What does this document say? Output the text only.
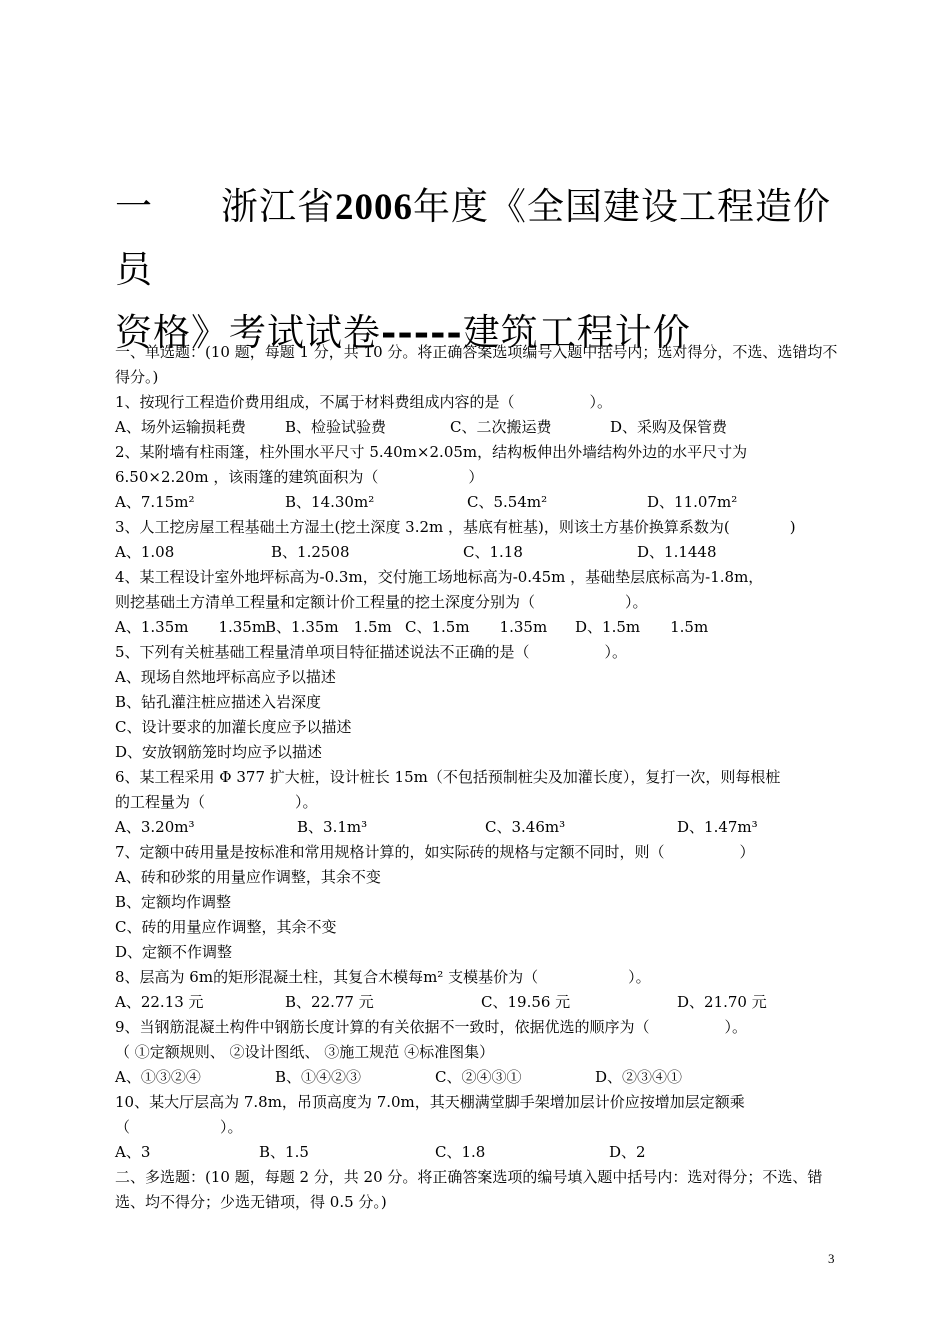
一 浙江省2006年度《全国建设工程造价员
资格》考试试卷-----建筑工程计价
一、单选题：(10 题，每题 1 分，共 10 分。将正确答案选项编号入题中括号内；选对得分，不选、选错均不得分。)
1、按现行工程造价费用组成，不属于材料费组成内容的是（　　　　　）。
A、场外运输损耗费	B、检验试验费	C、二次搬运费	D、采购及保管费
2、某附墙有柱雨篷，柱外围水平尺寸 5.40m×2.05m，结构板伸出外墙结构外边的水平尺寸为
6.50×2.20m ，该雨篷的建筑面积为（　　　　　　）
A、7.15m²	B、14.30m²	C、5.54m²	D、11.07m²
3、人工挖房屋工程基础土方湿土(挖土深度 3.2m ，基底有桩基)，则该土方基价换算系数为(　　　　)
A、1.08	B、1.2508	C、1.18	D、1.1448
4、某工程设计室外地坪标高为-0.3m，交付施工场地标高为-0.45m ，基础垫层底标高为-1.8m，
则挖基础土方清单工程量和定额计价工程量的挖土深度分别为（　　　　　　）。
A、1.35m　　1.35m
B、1.35m　1.5m C、1.5m　　1.35m	D、1.5m　　1.5m
5、下列有关桩基础工程量清单项目特征描述说法不正确的是（　　　　　）。
A、现场自然地坪标高应予以描述
B、钻孔灌注桩应描述入岩深度
C、设计要求的加灌长度应予以描述
D、安放钢筋笼时均应予以描述
6、某工程采用 Φ 377 扩大桩，设计桩长 15m（不包括预制桩尖及加灌长度），复打一次，则每根桩
的工程量为（　　　　　　）。
A、3.20m³	B、3.1m³	C、3.46m³	D、1.47m³
7、定额中砖用量是按标准和常用规格计算的，如实际砖的规格与定额不同时，则（　　　　　）
A、砖和砂浆的用量应作调整，其余不变
B、定额均作调整
C、砖的用量应作调整，其余不变
D、定额不作调整
8、层高为 6m的矩形混凝土柱，其复合木模每m² 支模基价为（　　　　　　）。
A、22.13 元	B、22.77 元	C、19.56 元	D、21.70 元
9、当钢筋混凝土构件中钢筋长度计算的有关依据不一致时，依据优选的顺序为（　　　　　）。
（ ①定额规则、 ②设计图纸、 ③施工规范 ④标准图集）
A、①③②④	B、①④②③	C、②④③①	D、②③④①
10、某大厅层高为 7.8m，吊顶高度为 7.0m，其天棚满堂脚手架增加层计价应按增加层定额乘
（　　　　　　）。
A、3	B、1.5	C、1.8	D、2
二、多选题：(10 题，每题 2 分，共 20 分。将正确答案选项的编号填入题中括号内：选对得分；不选、错选、均不得分；少选无错项，得 0.5 分。)
3
